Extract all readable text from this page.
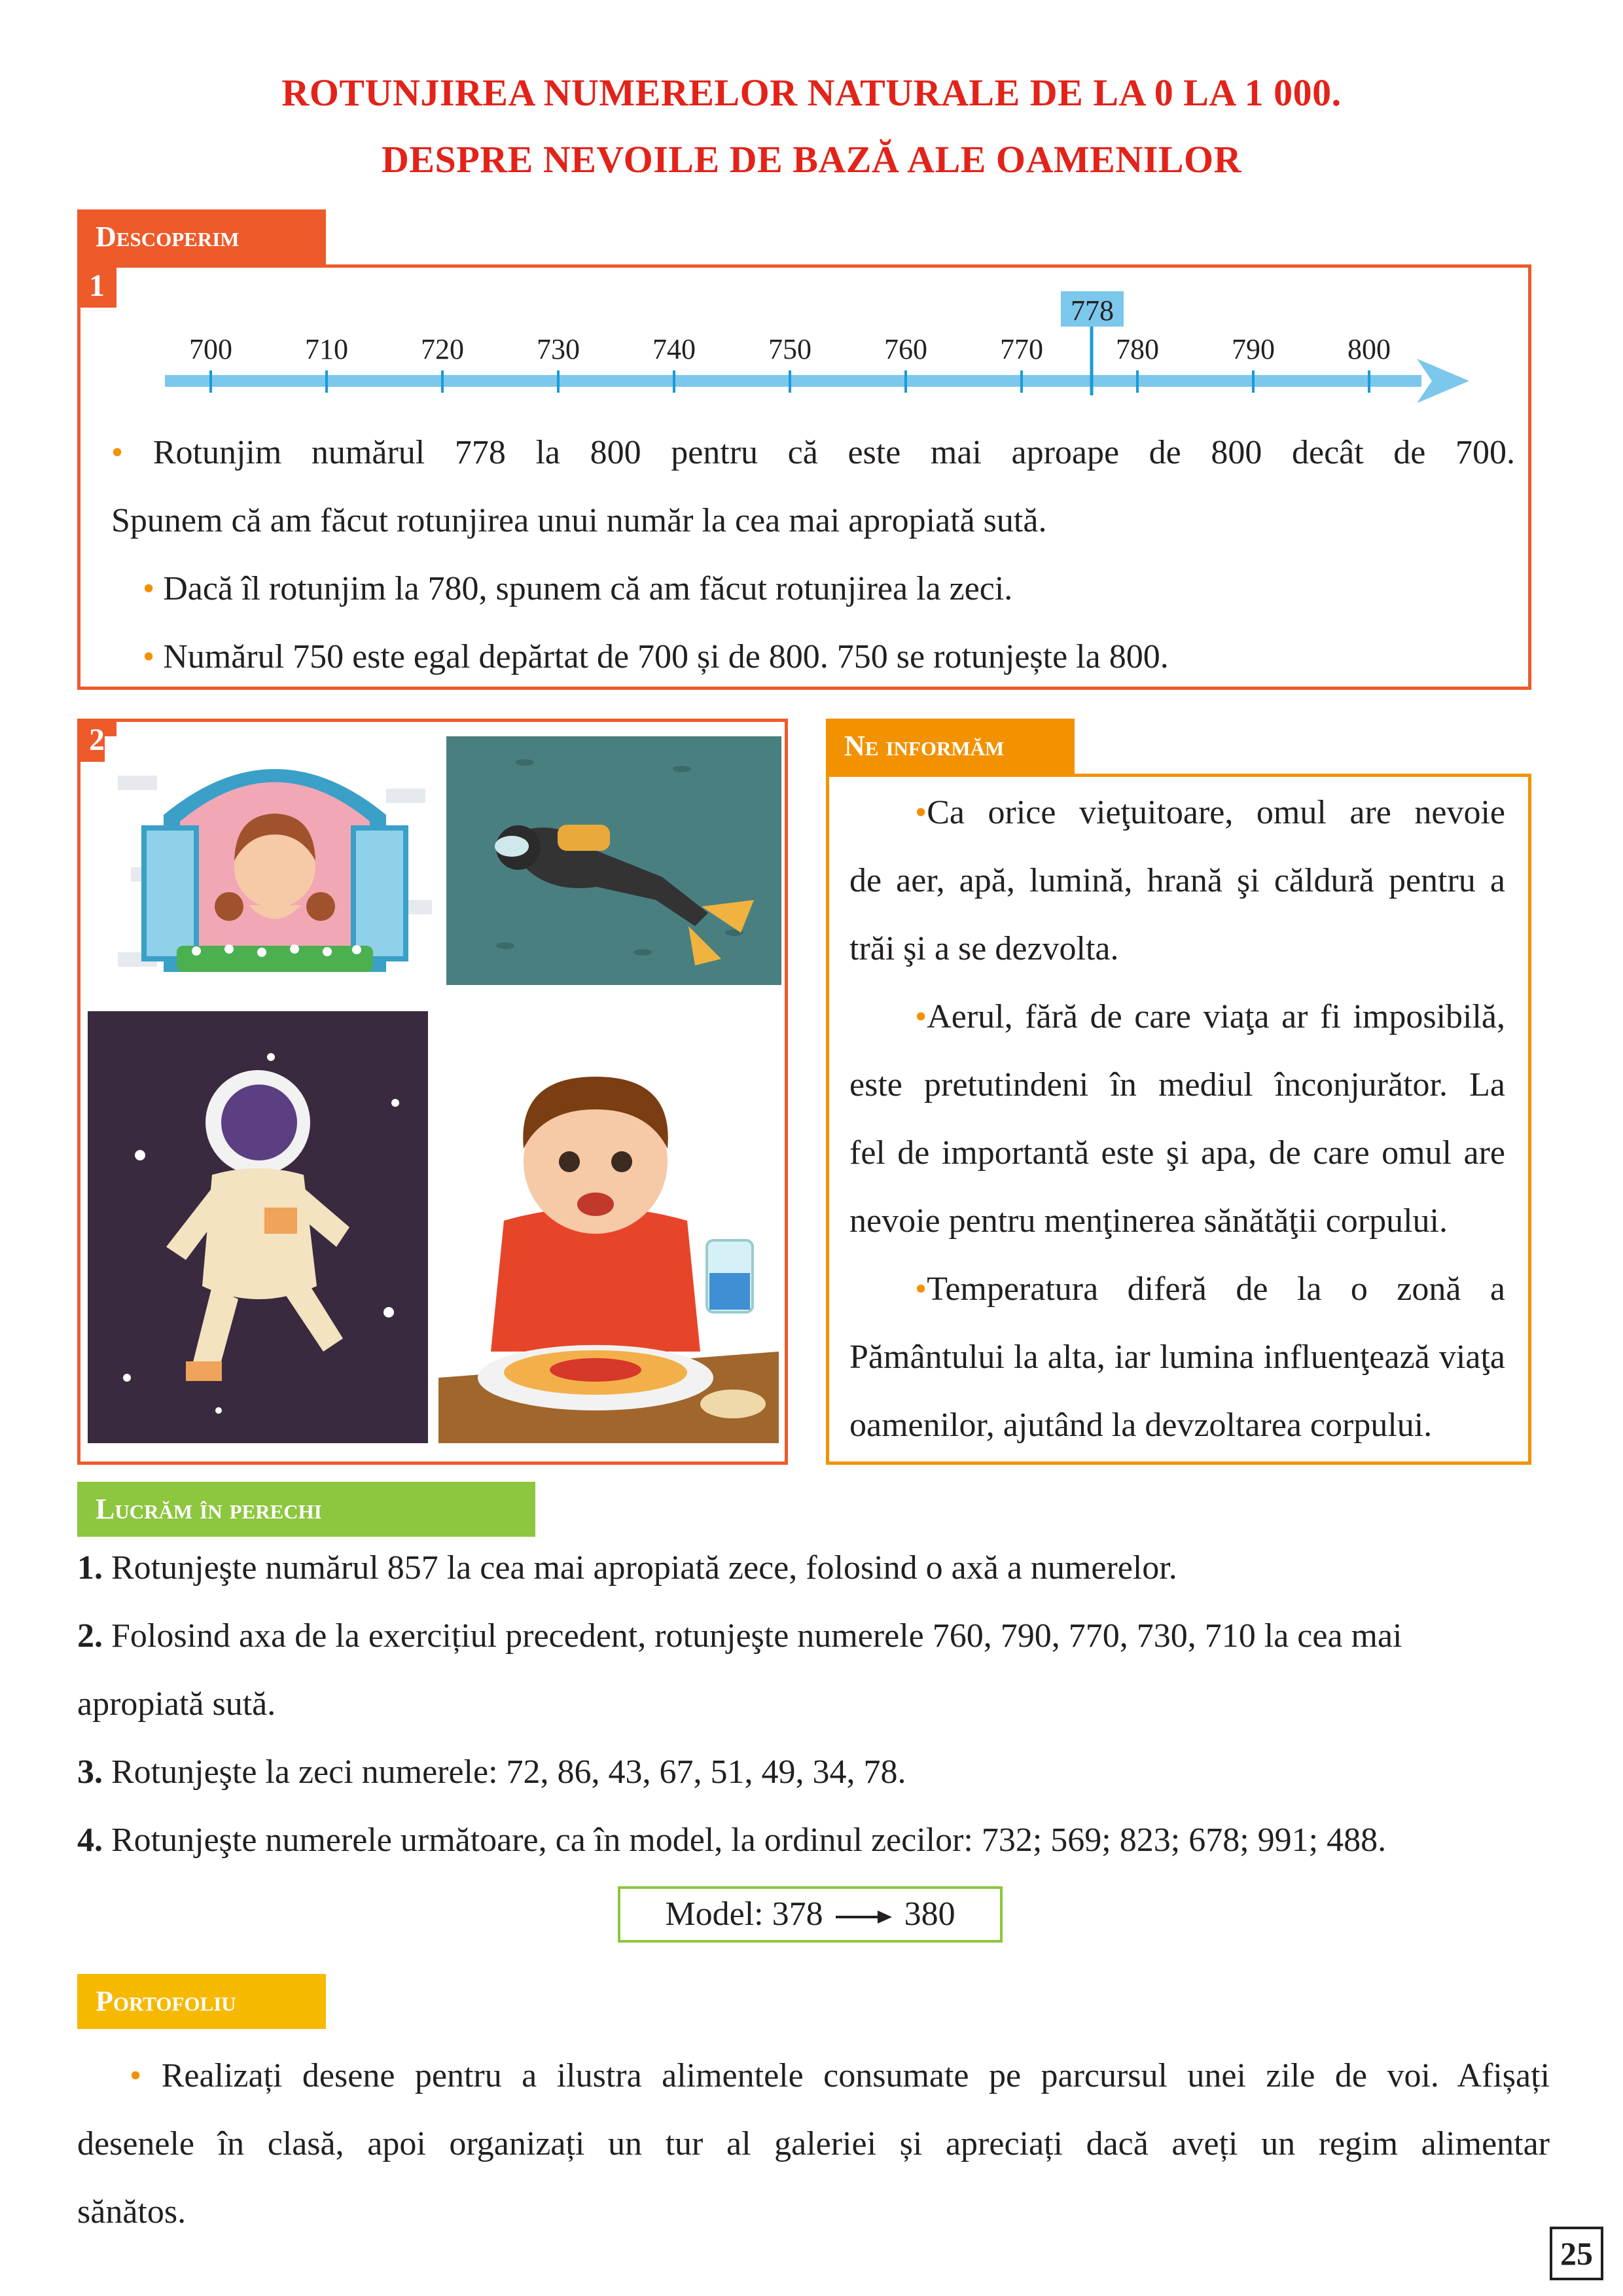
ROTUNJIREA NUMERELOR NATURALE DE LA 0 LA 1 000.
DESPRE NEVOILE DE BAZĂ ALE OAMENILOR
Descoperim
1
700	710	720	730	740	750	760	770	780	790	800
778
• Rotunjim numărul 778 la 800 pentru că este mai aproape de 800 decât de 700.
Spunem că am făcut rotunjirea unui număr la cea mai apropiată sută.
• Dacă îl rotunjim la 780, spunem că am făcut rotunjirea la zeci.
• Numărul 750 este egal depărtat de 700 și de 800. 750 se rotunjește la 800.
2	Ne informăm
•Ca orice vieţuitoare, omul are nevoie
de aer, apă, lumină, hrană şi căldură pentru a
trăi şi a se dezvolta.
•Aerul, fără de care viaţa ar fi imposibilă,
este pretutindeni în mediul înconjurător. La
fel de importantă este şi apa, de care omul are
nevoie pentru menţinerea sănătăţii corpului.
•Temperatura diferă de la o zonă a
Pământului la alta, iar lumina influenţează viaţa
oamenilor, ajutând la devzoltarea corpului.
Lucrăm în perechi
1. Rotunjeşte numărul 857 la cea mai apropiată zece, folosind o axă a numerelor.
2. Folosind axa de la exercițiul precedent, rotunjeşte numerele 760, 790, 770, 730, 710 la cea mai
apropiată sută.
3. Rotunjeşte la zeci numerele: 72, 86, 43, 67, 51, 49, 34, 78.
4. Rotunjeşte numerele următoare, ca în model, la ordinul zecilor: 732; 569; 823; 678; 991; 488.
Model: 378 380
Portofoliu
• Realizați desene pentru a ilustra alimentele consumate pe parcursul unei zile de voi. Afișați
desenele în clasă, apoi organizați un tur al galeriei și apreciați dacă aveți un regim alimentar
sănătos.
25
